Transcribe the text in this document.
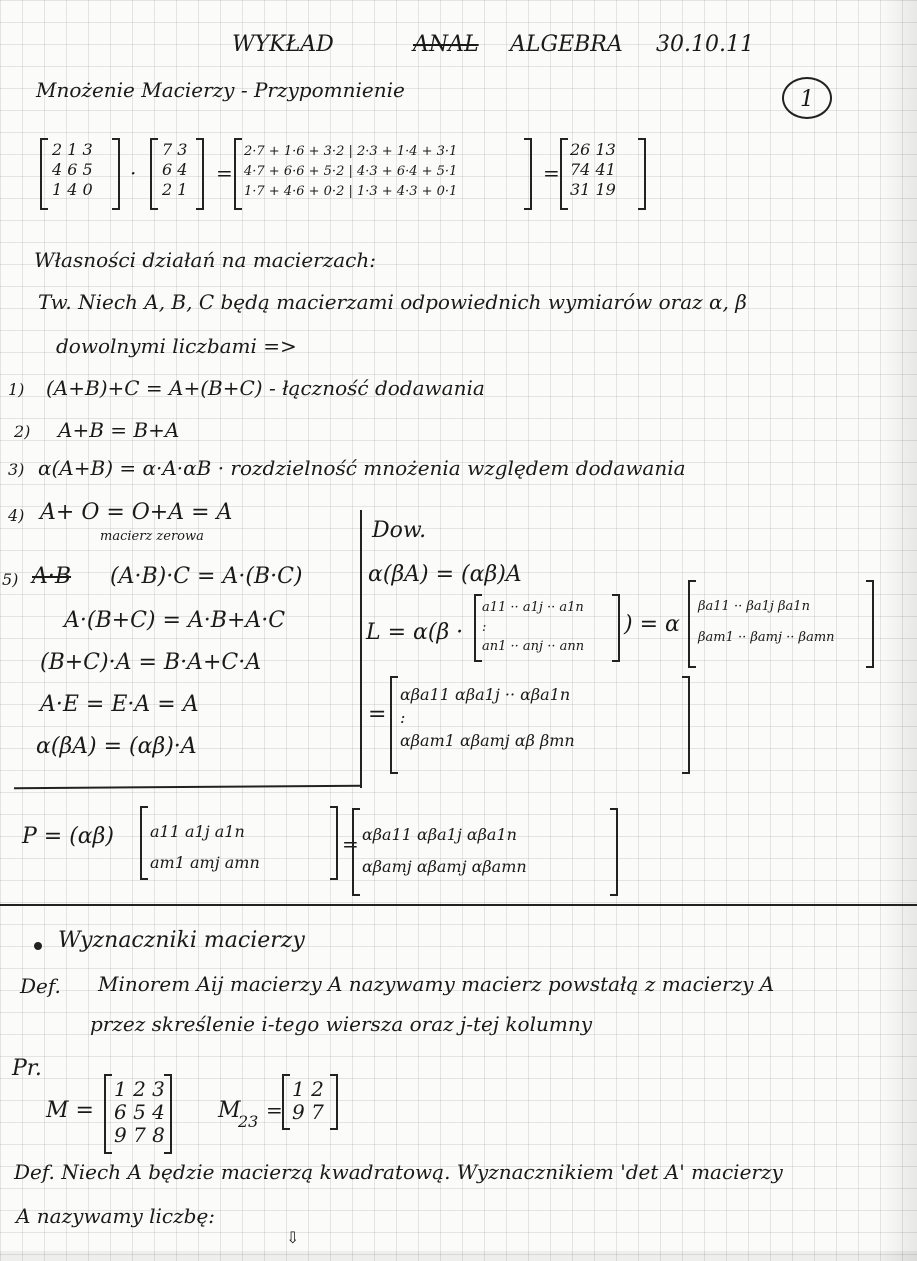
WYKŁAD	ANAL ALGEBRA 30.10.11
1
Mnożenie Macierzy - Przypomnienie
2 1 3
4 6 5
1 4 0
·
7 3
6 4
2 1
=
2·7 + 1·6 + 3·2 | 2·3 + 1·4 + 3·1
4·7 + 6·6 + 5·2 | 4·3 + 6·4 + 5·1
1·7 + 4·6 + 0·2 | 1·3 + 4·3 + 0·1
=
26 13
74 41
31 19
Własności działań na macierzach:
Tw. Niech A, B, C będą macierzami odpowiednich wymiarów oraz α, β
dowolnymi liczbami =>
1) (A+B)+C = A+(B+C) - łączność dodawania
2) A+B = B+A
3) α(A+B) = α·A·αB · rozdzielność mnożenia względem dodawania
4) A+ O = O+A = A
macierz zerowa
5) A·B (A·B)·C = A·(B·C)
A·(B+C) = A·B+A·C
(B+C)·A = B·A+C·A
A·E = E·A = A
α(βA) = (αβ)·A
Dow.
α(βA) = (αβ)A
L = α(β ·
a11 ·· a1j ·· a1n
:
an1 ·· anj ·· ann
) = α
βa11 ·· βa1j βa1n
βam1 ·· βamj ·· βamn
=
αβa11 αβa1j ·· αβa1n
:
αβam1 αβamj αβ βmn
P = (αβ) a11 a1j a1n
am1 amj amn
= αβa11 αβa1j αβa1n
αβamj αβamj αβamn
Wyznaczniki macierzy
Def. Minorem Aij macierzy A nazywamy macierz powstałą z macierzy A
przez skreślenie i-tego wiersza oraz j-tej kolumny
Pr.
M =
1 2 3
6 5 4
9 7 8
M
23 =
1 2
9 7
Def. Niech A będzie macierzą kwadratową. Wyznacznikiem 'det A' macierzy
A nazywamy liczbę:
⇩
